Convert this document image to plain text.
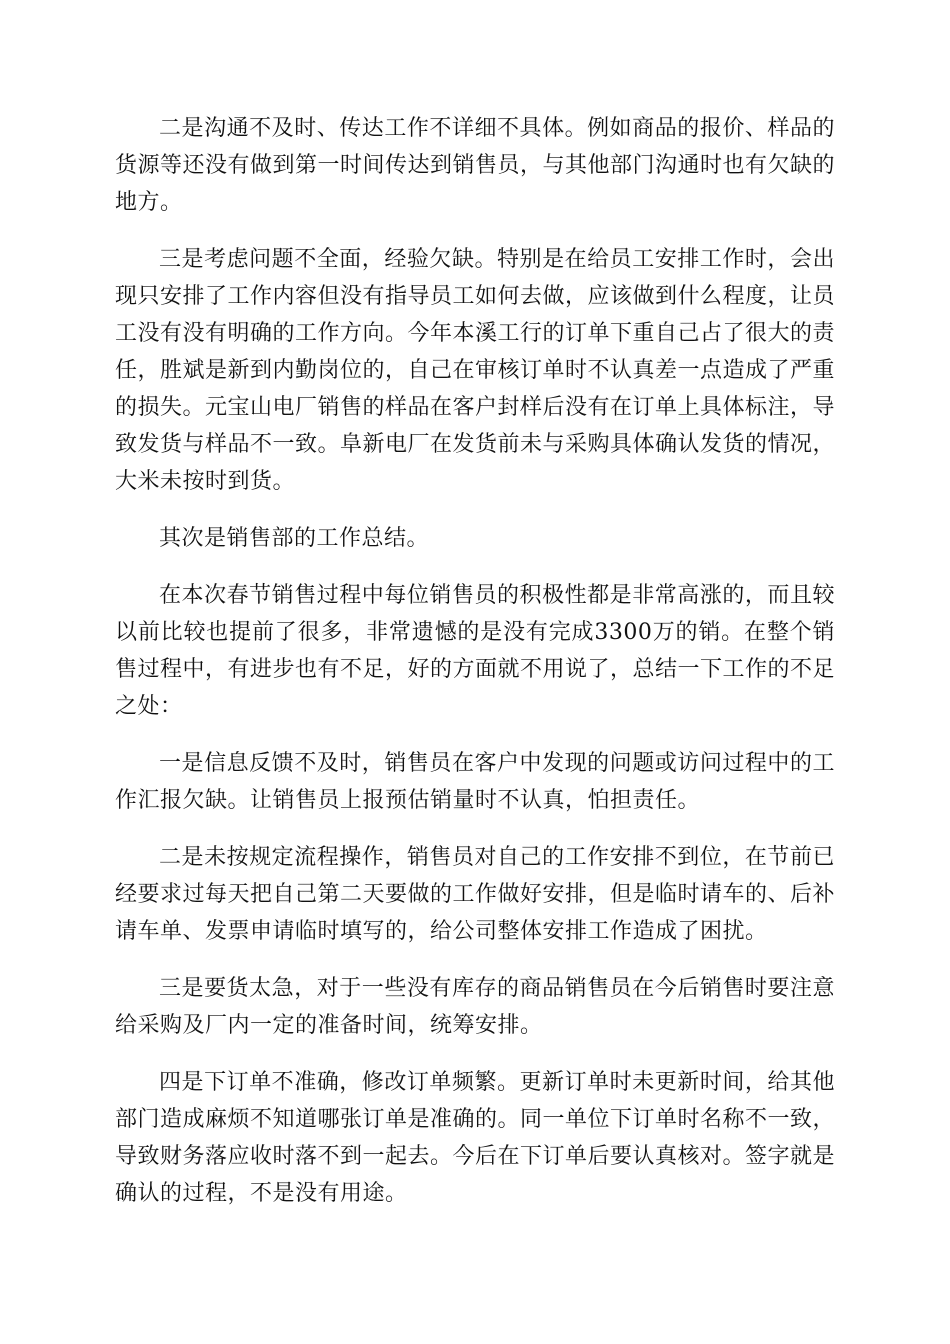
二是沟通不及时、传达工作不详细不具体。例如商品的报价、样品的货源等还没有做到第一时间传达到销售员，与其他部门沟通时也有欠缺的地方。

三是考虑问题不全面，经验欠缺。特别是在给员工安排工作时，会出现只安排了工作内容但没有指导员工如何去做，应该做到什么程度，让员工没有没有明确的工作方向。今年本溪工行的订单下重自己占了很大的责任，胜斌是新到内勤岗位的，自己在审核订单时不认真差一点造成了严重的损失。元宝山电厂销售的样品在客户封样后没有在订单上具体标注，导致发货与样品不一致。阜新电厂在发货前未与采购具体确认发货的情况，大米未按时到货。

其次是销售部的工作总结。

在本次春节销售过程中每位销售员的积极性都是非常高涨的，而且较以前比较也提前了很多，非常遗憾的是没有完成3300万的销。在整个销售过程中，有进步也有不足，好的方面就不用说了，总结一下工作的不足之处：

一是信息反馈不及时，销售员在客户中发现的问题或访问过程中的工作汇报欠缺。让销售员上报预估销量时不认真，怕担责任。

二是未按规定流程操作，销售员对自己的工作安排不到位，在节前已经要求过每天把自己第二天要做的工作做好安排，但是临时请车的、后补请车单、发票申请临时填写的，给公司整体安排工作造成了困扰。

三是要货太急，对于一些没有库存的商品销售员在今后销售时要注意给采购及厂内一定的准备时间，统筹安排。

四是下订单不准确，修改订单频繁。更新订单时未更新时间，给其他部门造成麻烦不知道哪张订单是准确的。同一单位下订单时名称不一致，导致财务落应收时落不到一起去。今后在下订单后要认真核对。签字就是确认的过程，不是没有用途。
